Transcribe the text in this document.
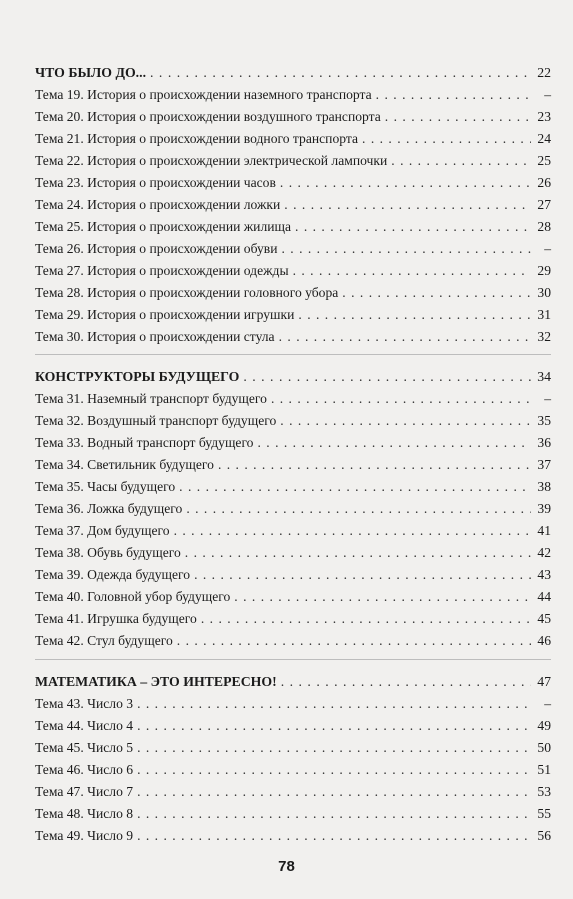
ЧТО БЫЛО ДО... . . .	22
Тема 19. История о происхождении наземного транспорта . . .	–
Тема 20. История о происхождении воздушного транспорта . . .	23
Тема 21. История о происхождении водного транспорта . . .	24
Тема 22. История о происхождении электрической лампочки . . .	25
Тема 23. История о происхождении часов . . .	26
Тема 24. История о происхождении ложки . . .	27
Тема 25. История о происхождении жилища . . .	28
Тема 26. История о происхождении обуви . . .	–
Тема 27. История о происхождении одежды . . .	29
Тема 28. История о происхождении головного убора . . .	30
Тема 29. История о происхождении игрушки . . .	31
Тема 30. История о происхождении стула . . .	32
КОНСТРУКТОРЫ БУДУЩЕГО . . .	34
Тема 31. Наземный транспорт будущего . . .	–
Тема 32. Воздушный транспорт будущего . . .	35
Тема 33. Водный транспорт будущего . . .	36
Тема 34. Светильник будущего . . .	37
Тема 35. Часы будущего . . .	38
Тема 36. Ложка будущего . . .	39
Тема 37. Дом будущего . . .	41
Тема 38. Обувь будущего . . .	42
Тема 39. Одежда будущего . . .	43
Тема 40. Головной убор будущего . . .	44
Тема 41. Игрушка будущего . . .	45
Тема 42. Стул будущего . . .	46
МАТЕМАТИКА – ЭТО ИНТЕРЕСНО! . . .	47
Тема 43. Число 3 . . .	–
Тема 44. Число 4 . . .	49
Тема 45. Число 5 . . .	50
Тема 46. Число 6 . . .	51
Тема 47. Число 7 . . .	53
Тема 48. Число 8 . . .	55
Тема 49. Число 9 . . .	56
78
